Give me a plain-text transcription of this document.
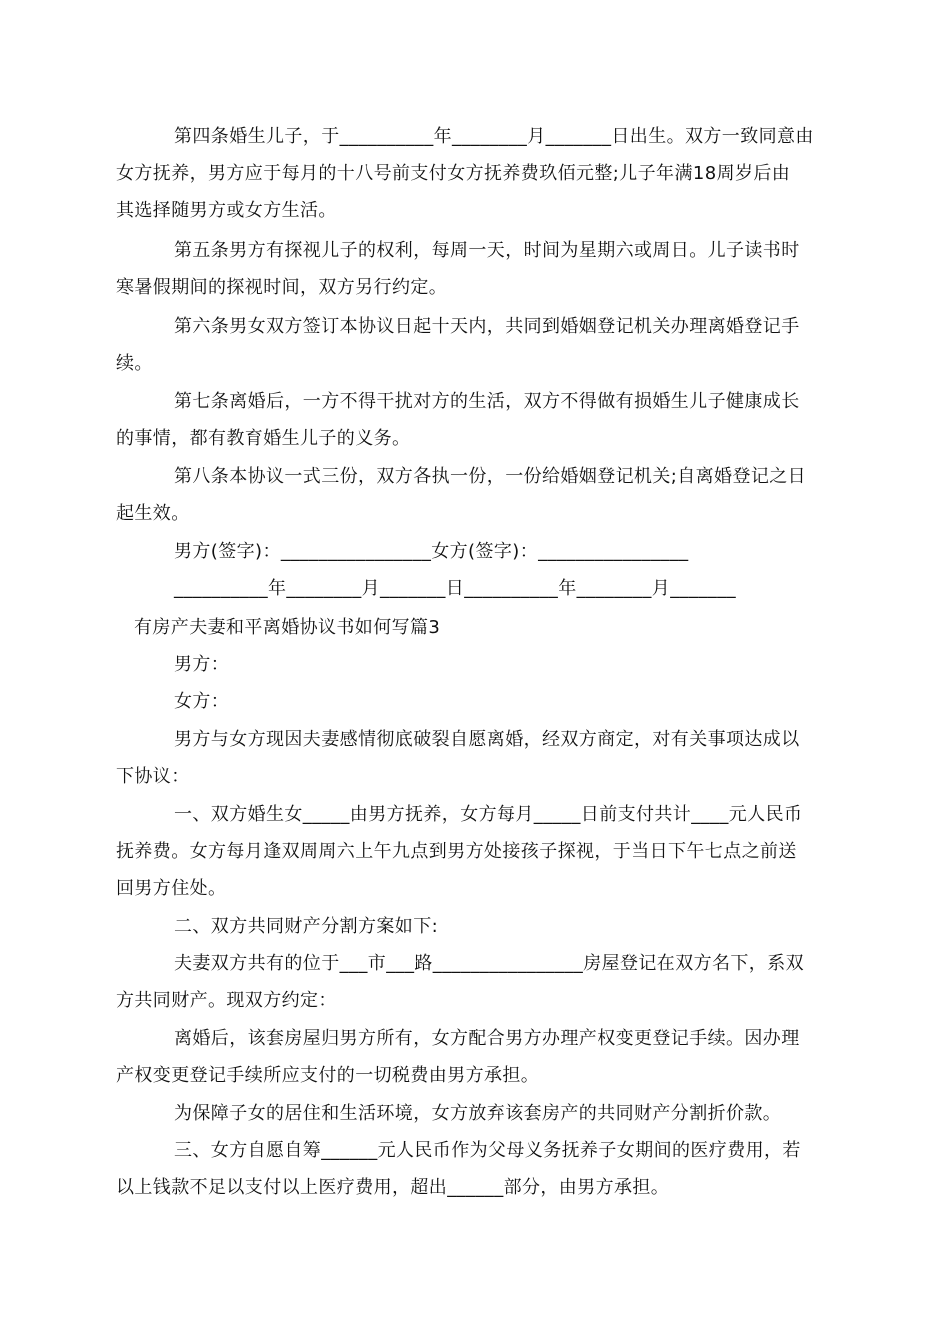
第四条婚生儿子，于__________年________月_______日出生。双方一致同意由
女方抚养，男方应于每月的十八号前支付女方抚养费玖佰元整;儿子年满18周岁后由
其选择随男方或女方生活。
第五条男方有探视儿子的权利，每周一天，时间为星期六或周日。儿子读书时
寒暑假期间的探视时间，双方另行约定。
第六条男女双方签订本协议日起十天内，共同到婚姻登记机关办理离婚登记手
续。
第七条离婚后，一方不得干扰对方的生活，双方不得做有损婚生儿子健康成长
的事情，都有教育婚生儿子的义务。
第八条本协议一式三份，双方各执一份，一份给婚姻登记机关;自离婚登记之日
起生效。
男方(签字)：________________女方(签字)：________________
__________年________月_______日__________年________月_______
有房产夫妻和平离婚协议书如何写篇3
男方：
女方：
男方与女方现因夫妻感情彻底破裂自愿离婚，经双方商定，对有关事项达成以
下协议：
一、双方婚生女_____由男方抚养，女方每月_____日前支付共计____元人民币
抚养费。女方每月逢双周周六上午九点到男方处接孩子探视，于当日下午七点之前送
回男方住处。
二、双方共同财产分割方案如下:
夫妻双方共有的位于___市___路________________房屋登记在双方名下，系双
方共同财产。现双方约定：
离婚后，该套房屋归男方所有，女方配合男方办理产权变更登记手续。因办理
产权变更登记手续所应支付的一切税费由男方承担。
为保障子女的居住和生活环境，女方放弃该套房产的共同财产分割折价款。
三、女方自愿自筹______元人民币作为父母义务抚养子女期间的医疗费用，若
以上钱款不足以支付以上医疗费用，超出______部分，由男方承担。
